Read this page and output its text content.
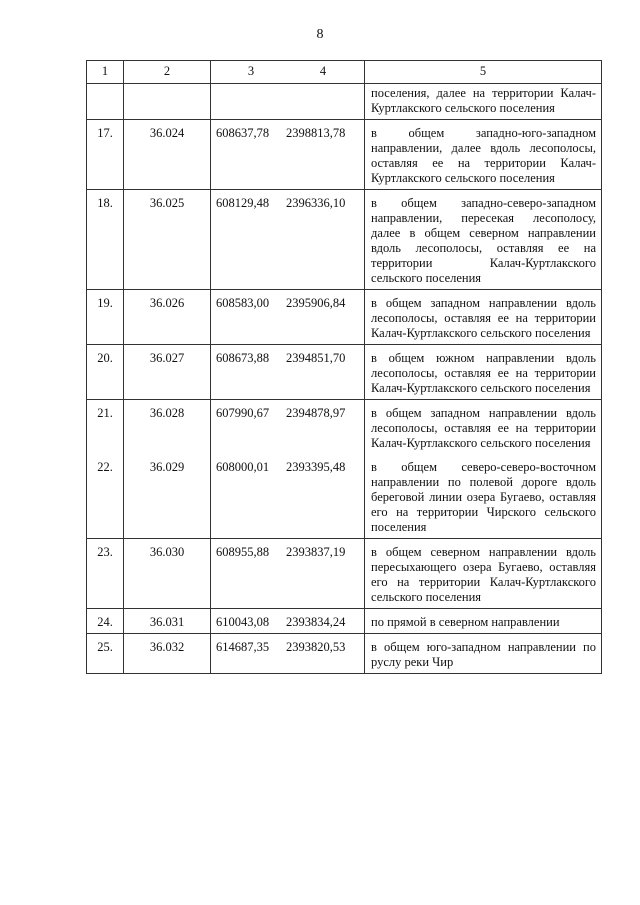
8
1	2	3 4	5
			поселения, далее на территории Калач-Куртлакского сельского поселения
17.	36.024	608637,78 2398813,78	в общем западно-юго-западном направлении, далее вдоль лесополосы, оставляя ее на территории Калач-Куртлакского сельского поселения
18.	36.025	608129,48 2396336,10	в общем западно-северо-западном направлении, пересекая лесополосу, далее в общем северном направлении вдоль лесополосы, оставляя ее на территории Калач-Куртлакского сельского поселения
19.	36.026	608583,00 2395906,84	в общем западном направлении вдоль лесополосы, оставляя ее на территории Калач-Куртлакского сельского поселения
20.	36.027	608673,88 2394851,70	в общем южном направлении вдоль лесополосы, оставляя ее на территории Калач-Куртлакского сельского поселения
21.	36.028	607990,67 2394878,97	в общем западном направлении вдоль лесополосы, оставляя ее на территории Калач-Куртлакского сельского поселения
22.	36.029	608000,01 2393395,48	в общем северо-северо-восточном направлении по полевой дороге вдоль береговой линии озера Бугаево, оставляя его на территории Чирского сельского поселения
23.	36.030	608955,88 2393837,19	в общем северном направлении вдоль пересыхающего озера Бугаево, оставляя его на территории Калач-Куртлакского сельского поселения
24.	36.031	610043,08 2393834,24	по прямой в северном направлении
25.	36.032	614687,35 2393820,53	в общем юго-западном направлении по руслу реки Чир
